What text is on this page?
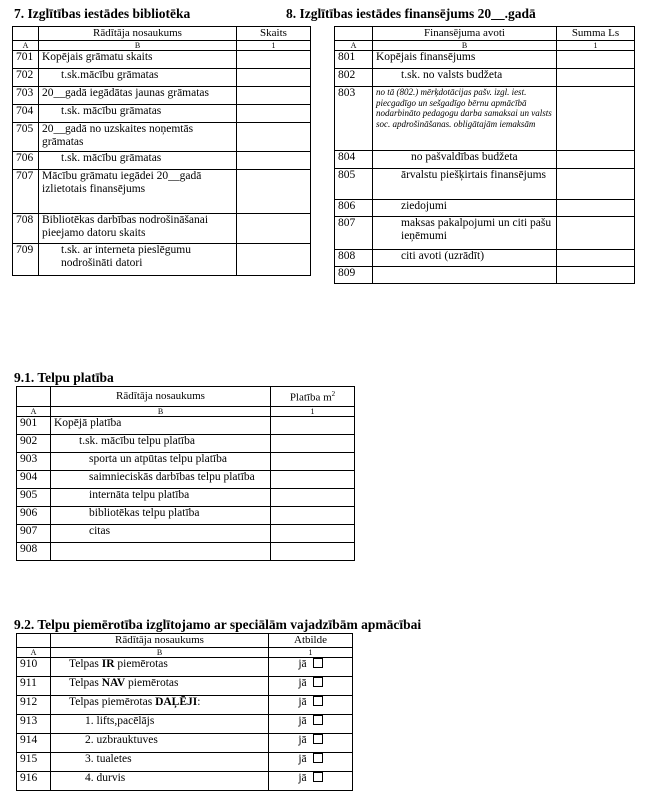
7. Izglītības iestādes bibliotēka
	Rādītāja nosaukums	Skaits
A	B	1
701	Kopējais grāmatu skaits	
702	t.sk.mācību grāmatas	
703	20__gadā iegādātas jaunas grāmatas	
704	t.sk. mācību grāmatas	
705	20__gadā no uzskaites noņemtās grāmatas	
706	t.sk. mācību grāmatas	
707	Mācību grāmatu iegādei 20__gadā izlietotais finansējums	
708	Bibliotēkas darbības nodrošināšanai pieejamo datoru skaits	
709	t.sk. ar interneta pieslēgumu nodrošināti datori	
8. Izglītības iestādes finansējums 20__.gadā
	Finansējuma avoti	Summa Ls
A	B	1
801	Kopējais finansējums	
802	t.sk. no valsts budžeta	
803	no tā (802.) mērķdotācijas pašv. izgl. iest. piecgadīgo un sešgadīgo bērnu apmācībā nodarbināto pedagogu darba samaksai un valsts soc. apdrošināšanas. obligātajām iemaksām	
804	no pašvaldības budžeta	
805	ārvalstu piešķirtais finansējums	
806	ziedojumi	
807	maksas pakalpojumi un citi pašu ieņēmumi	
808	citi avoti (uzrādīt)	
809		
9.1. Telpu platība
	Rādītāja nosaukums	Platība $m^2$
A	B	1
901	Kopējā platība	
902	t.sk. mācību telpu platība	
903	sporta un atpūtas telpu platība	
904	saimnieciskās darbības telpu platība	
905	internāta telpu platība	
906	bibliotēkas telpu platība	
907	citas	
908		
9.2. Telpu piemērotība izglītojamo ar speciālām vajadzībām apmācībai
	Rādītāja nosaukums	Atbilde
A	B	1
910	Telpas IR piemērotas	jā
911	Telpas NAV piemērotas	jā
912	Telpas piemērotas DAĻĒJI:	jā
913	1. lifts,pacēlājs	jā
914	2. uzbrauktuves	jā
915	3. tualetes	jā
916	4. durvis	jā
